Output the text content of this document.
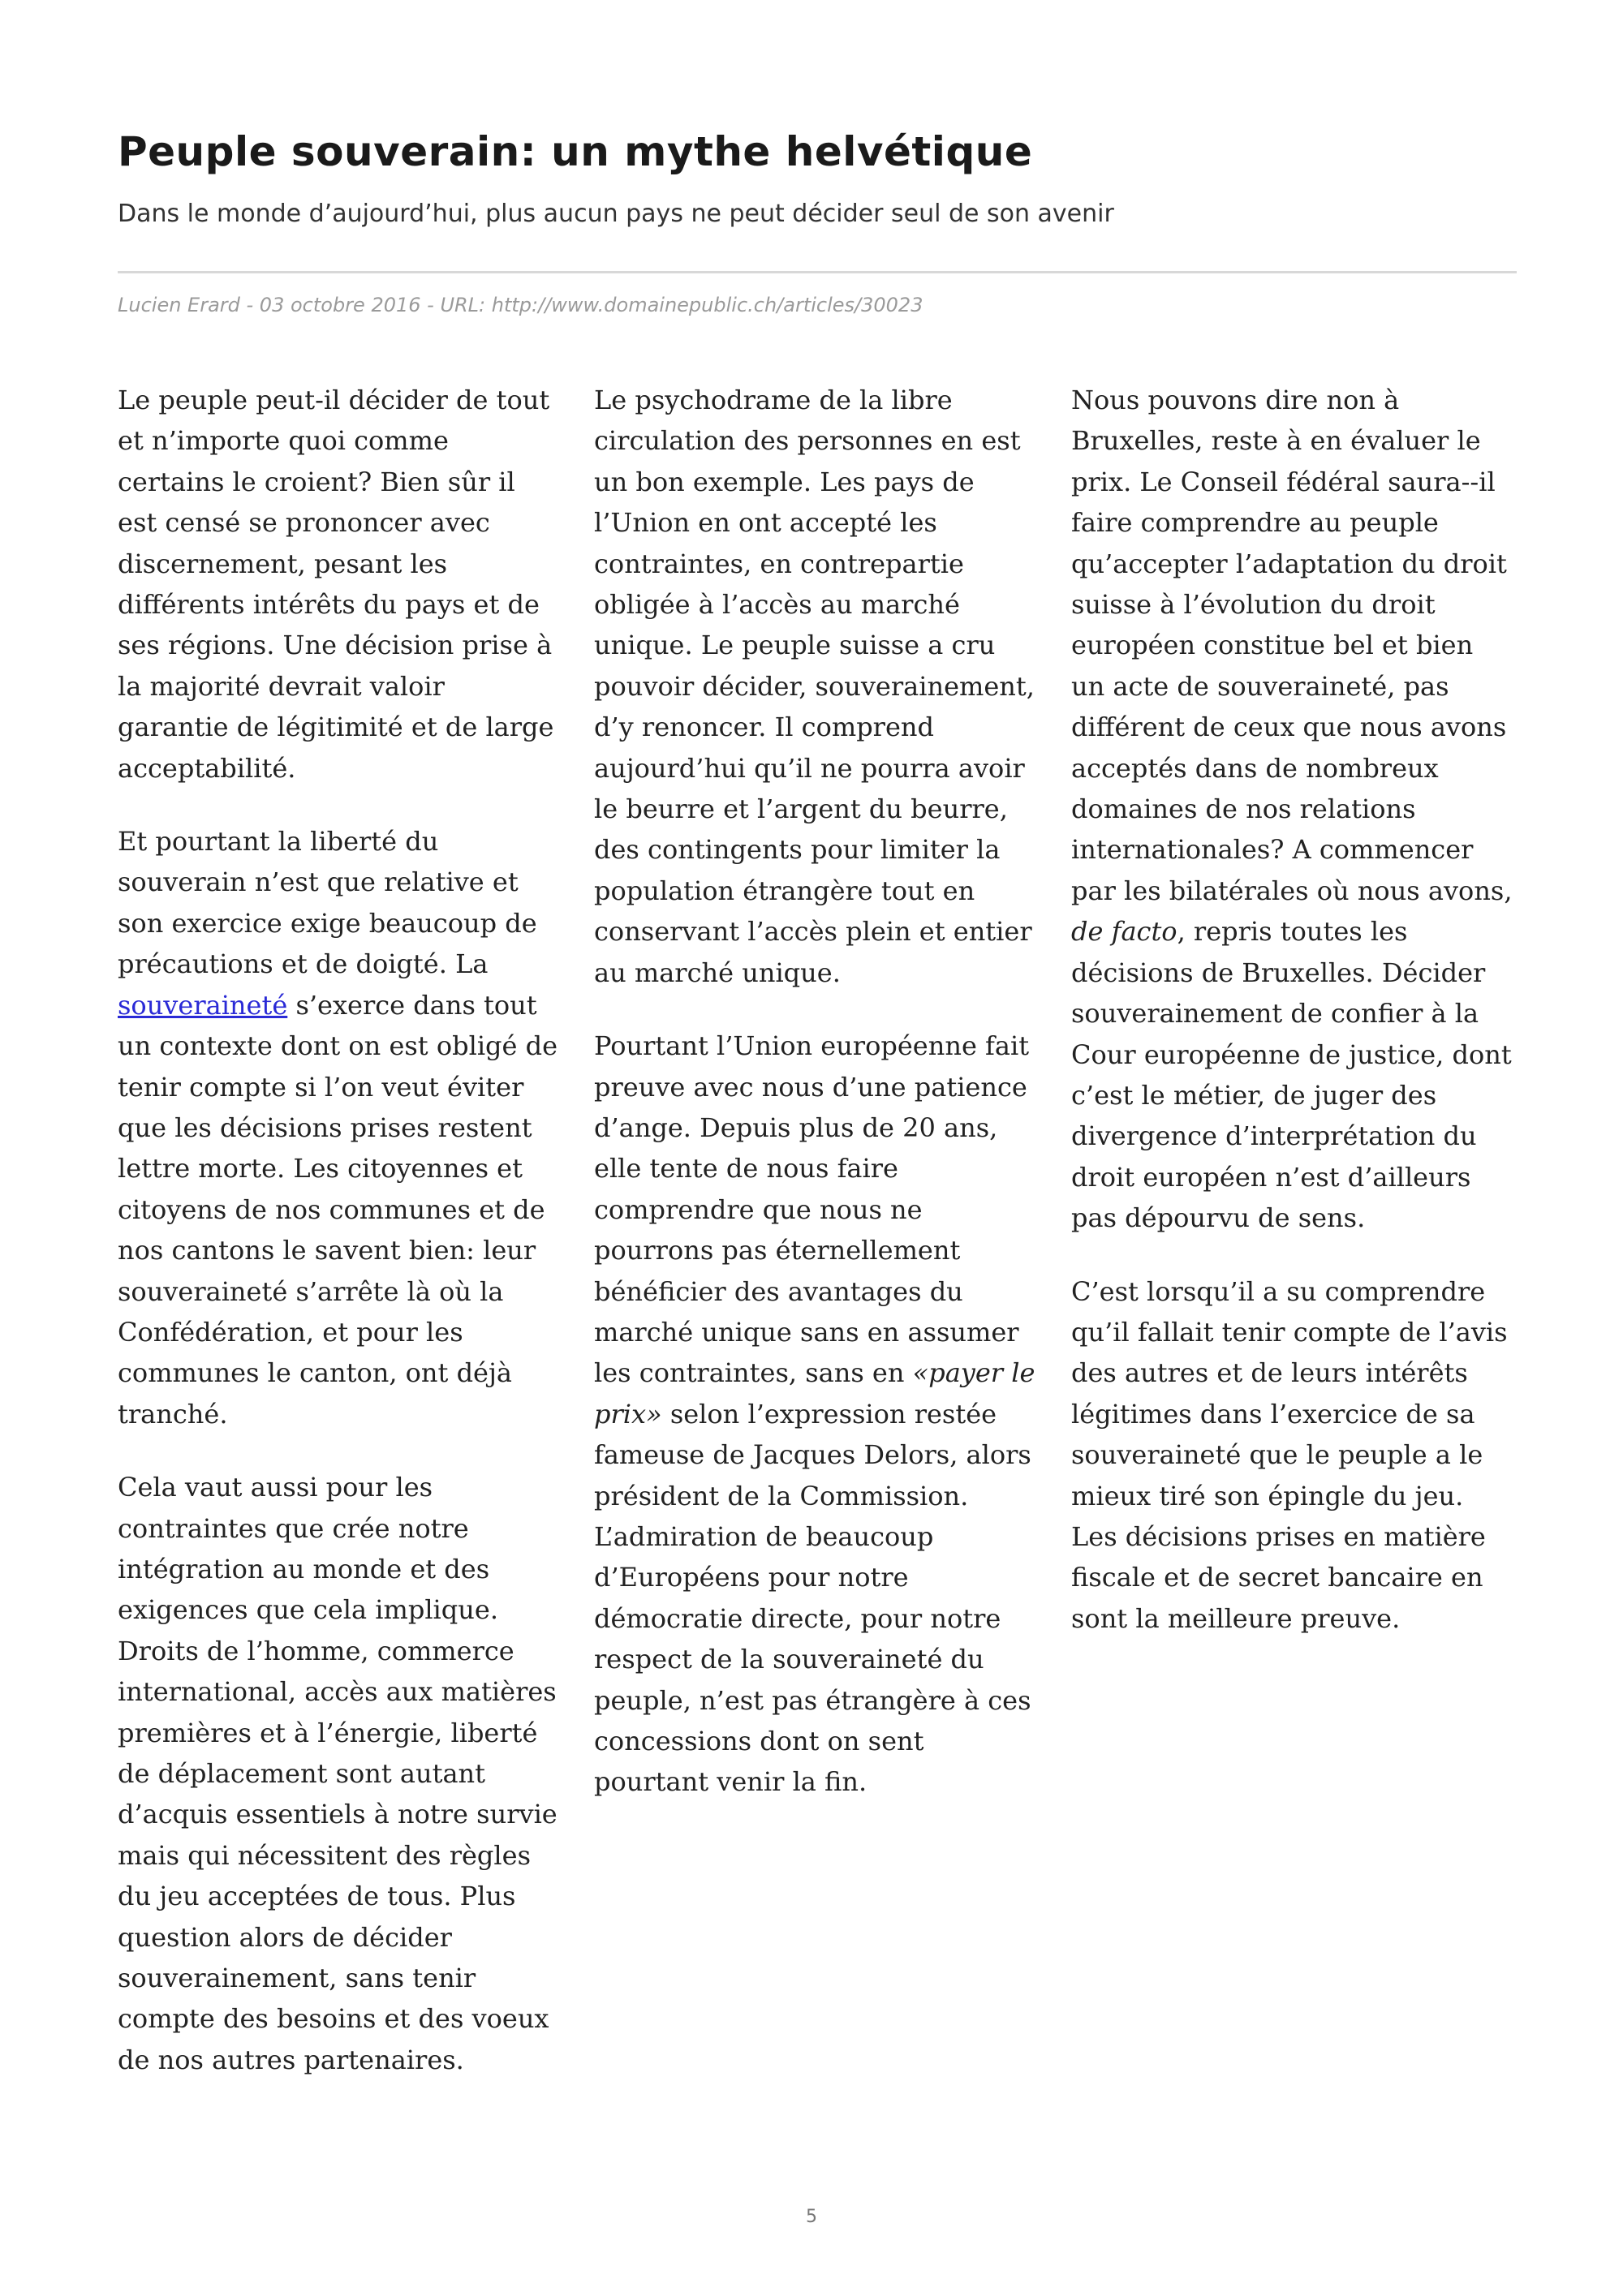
Peuple souverain: un mythe helvétique

Dans le monde d’aujourd’hui, plus aucun pays ne peut décider seul de son avenir

Lucien Erard - 03 octobre 2016 - URL: http://www.domainepublic.ch/articles/30023

Le peuple peut-il décider de tout et n’importe quoi comme certains le croient? Bien sûr il est censé se prononcer avec discernement, pesant les différents intérêts du pays et de ses régions. Une décision prise à la majorité devrait valoir garantie de légitimité et de large acceptabilité.

Et pourtant la liberté du souverain n’est que relative et son exercice exige beaucoup de précautions et de doigté. La souveraineté s’exerce dans tout un contexte dont on est obligé de tenir compte si l’on veut éviter que les décisions prises restent lettre morte. Les citoyennes et citoyens de nos communes et de nos cantons le savent bien: leur souveraineté s’arrête là où la Confédération, et pour les communes le canton, ont déjà tranché.

Cela vaut aussi pour les contraintes que crée notre intégration au monde et des exigences que cela implique. Droits de l’homme, commerce international, accès aux matières premières et à l’énergie, liberté de déplacement sont autant d’acquis essentiels à notre survie mais qui nécessitent des règles du jeu acceptées de tous. Plus question alors de décider souverainement, sans tenir compte des besoins et des voeux de nos autres partenaires.

Le psychodrame de la libre circulation des personnes en est un bon exemple. Les pays de l’Union en ont accepté les contraintes, en contrepartie obligée à l’accès au marché unique. Le peuple suisse a cru pouvoir décider, souverainement, d’y renoncer. Il comprend aujourd’hui qu’il ne pourra avoir le beurre et l’argent du beurre, des contingents pour limiter la population étrangère tout en conservant l’accès plein et entier au marché unique.

Pourtant l’Union européenne fait preuve avec nous d’une patience d’ange. Depuis plus de 20 ans, elle tente de nous faire comprendre que nous ne pourrons pas éternellement bénéficier des avantages du marché unique sans en assumer les contraintes, sans en «payer le prix» selon l’expression restée fameuse de Jacques Delors, alors président de la Commission. L’admiration de beaucoup d’Européens pour notre démocratie directe, pour notre respect de la souveraineté du peuple, n’est pas étrangère à ces concessions dont on sent pourtant venir la fin.

Nous pouvons dire non à Bruxelles, reste à en évaluer le prix. Le Conseil fédéral saura-‑il faire comprendre au peuple qu’accepter l’adaptation du droit suisse à l’évolution du droit européen constitue bel et bien un acte de souveraineté, pas différent de ceux que nous avons acceptés dans de nombreux domaines de nos relations internationales? A commencer par les bilatérales où nous avons, de facto, repris toutes les décisions de Bruxelles. Décider souverainement de confier à la Cour européenne de justice, dont c’est le métier, de juger des divergence d’interprétation du droit européen n’est d’ailleurs pas dépourvu de sens.

C’est lorsqu’il a su comprendre qu’il fallait tenir compte de l’avis des autres et de leurs intérêts légitimes dans l’exercice de sa souveraineté que le peuple a le mieux tiré son épingle du jeu. Les décisions prises en matière fiscale et de secret bancaire en sont la meilleure preuve.

5
